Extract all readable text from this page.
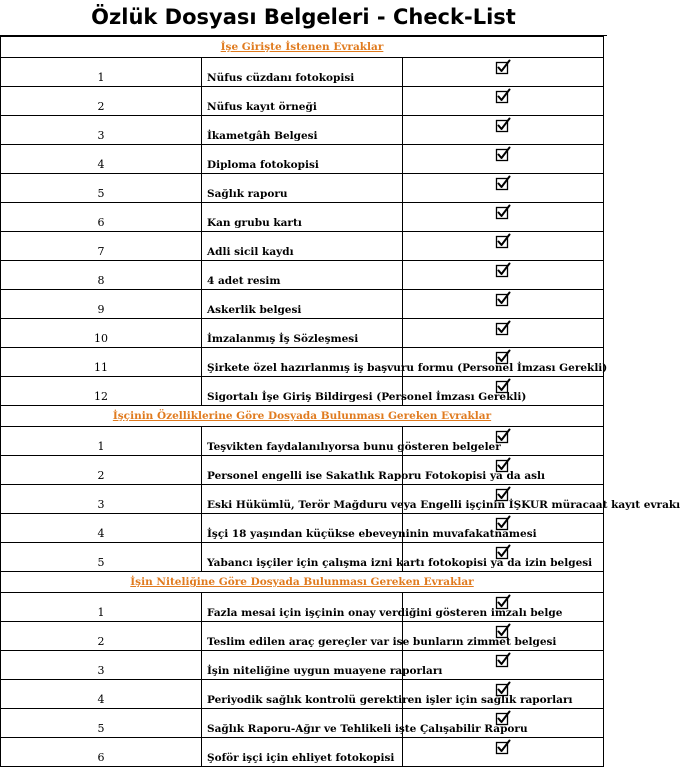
Özlük Dosyası Belgeleri - Check-List
İşe Girişte İstenen Evraklar		
1	Nüfus cüzdanı fotokopisi	
2	Nüfus kayıt örneği	
3	İkametgâh Belgesi	
4	Diploma fotokopisi	
5	Sağlık raporu	
6	Kan grubu kartı	
7	Adli sicil kaydı	
8	4 adet resim	
9	Askerlik belgesi	
10	İmzalanmış İş Sözleşmesi	
11	Şirkete özel hazırlanmış iş başvuru formu (Personel İmzası Gerekli)	
12	Sigortalı İşe Giriş Bildirgesi (Personel İmzası Gerekli)	
İşçinin Özelliklerine Göre Dosyada Bulunması Gereken Evraklar		
1	Teşvikten faydalanılıyorsa bunu gösteren belgeler	
2	Personel engelli ise Sakatlık Raporu Fotokopisi ya da aslı	
3	Eski Hükümlü, Terör Mağduru veya Engelli işçinin İŞKUR müracaat kayıt evrakı	
4	İşçi 18 yaşından küçükse ebeveyninin muvafakatnamesi	
5	Yabancı işçiler için çalışma izni kartı fotokopisi ya da izin belgesi	
İşin Niteliğine Göre Dosyada Bulunması Gereken Evraklar		
1	Fazla mesai için işçinin onay verdiğini gösteren imzalı belge	
2	Teslim edilen araç gereçler var ise bunların zimmet belgesi	
3	İşin niteliğine uygun muayene raporları	
4	Periyodik sağlık kontrolü gerektiren işler için sağlık raporları	
5	Sağlık Raporu-Ağır ve Tehlikeli işte Çalışabilir Raporu	
6	Şoför işçi için ehliyet fotokopisi	
